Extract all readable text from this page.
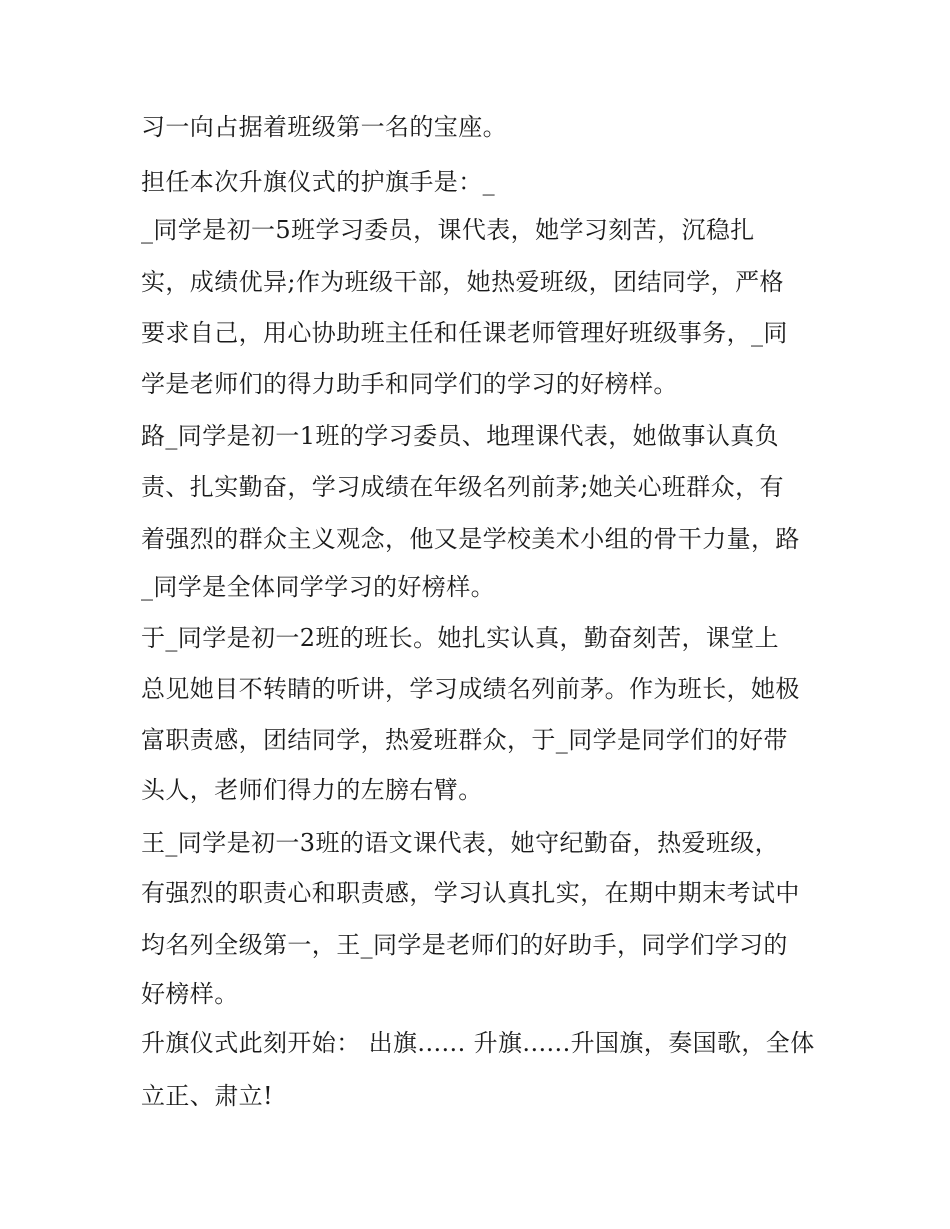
习一向占据着班级第一名的宝座。
担任本次升旗仪式的护旗手是：_
_同学是初一5班学习委员，课代表，她学习刻苦，沉稳扎
实，成绩优异;作为班级干部，她热爱班级，团结同学，严格
要求自己，用心协助班主任和任课老师管理好班级事务，_同
学是老师们的得力助手和同学们的学习的好榜样。
路_同学是初一1班的学习委员、地理课代表，她做事认真负
责、扎实勤奋，学习成绩在年级名列前茅;她关心班群众，有
着强烈的群众主义观念，他又是学校美术小组的骨干力量，路
_同学是全体同学学习的好榜样。
于_同学是初一2班的班长。她扎实认真，勤奋刻苦，课堂上
总见她目不转睛的听讲，学习成绩名列前茅。作为班长，她极
富职责感，团结同学，热爱班群众，于_同学是同学们的好带
头人，老师们得力的左膀右臂。
王_同学是初一3班的语文课代表，她守纪勤奋，热爱班级，
有强烈的职责心和职责感，学习认真扎实，在期中期末考试中
均名列全级第一，王_同学是老师们的好助手，同学们学习的
好榜样。
升旗仪式此刻开始： 出旗...... 升旗......升国旗，奏国歌，全体
立正、肃立!
